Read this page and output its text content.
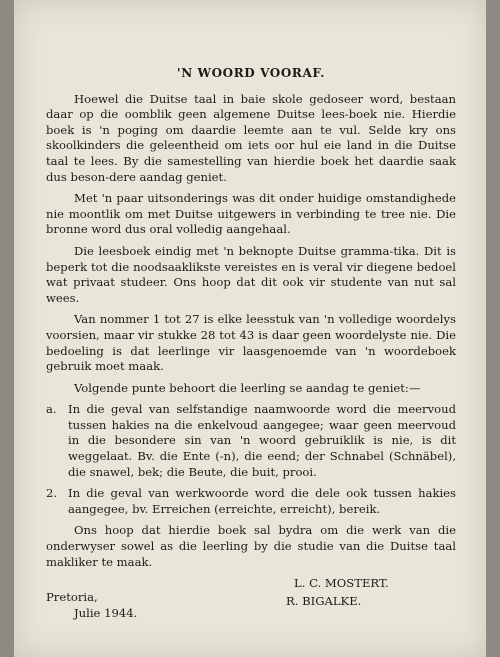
'N WOORD VOORAF.

Hoewel die Duitse taal in baie skole gedoseer word, bestaan daar op die oomblik geen algemene Duitse lees-boek nie. Hierdie boek is 'n poging om daardie leemte aan te vul. Selde kry ons skoolkinders die geleentheid om iets oor hul eie land in die Duitse taal te lees. By die samestelling van hierdie boek het daardie saak dus beson-dere aandag geniet.

Met 'n paar uitsonderings was dit onder huidige omstandighede nie moontlik om met Duitse uitgewers in verbinding te tree nie. Die bronne word dus oral volledig aangehaal.

Die leesboek eindig met 'n beknopte Duitse gramma-tika. Dit is beperk tot die noodsaaklikste vereistes en is veral vir diegene bedoel wat privaat studeer. Ons hoop dat dit ook vir studente van nut sal wees.

Van nommer 1 tot 27 is elke leesstuk van 'n volledige woordelys voorsien, maar vir stukke 28 tot 43 is daar geen woordelyste nie. Die bedoeling is dat leerlinge vir laasgenoemde van 'n woordeboek gebruik moet maak.

Volgende punte behoort die leerling se aandag te geniet:—

a. In die geval van selfstandige naamwoorde word die meervoud tussen hakies na die enkelvoud aangegee; waar geen meervoud in die besondere sin van 'n woord gebruiklik is nie, is dit weggelaat. Bv. die Ente (-n), die eend; der Schnabel (Schnäbel), die snawel, bek; die Beute, die buit, prooi.
2. In die geval van werkwoorde word die dele ook tussen hakies aangegee, bv. Erreichen (erreichte, erreicht), bereik.

Ons hoop dat hierdie boek sal bydra om die werk van die onderwyser sowel as die leerling by die studie van die Duitse taal makliker te maak.

L. C. MOSTERT.
Pretoria,	R. BIGALKE.
Julie 1944.
